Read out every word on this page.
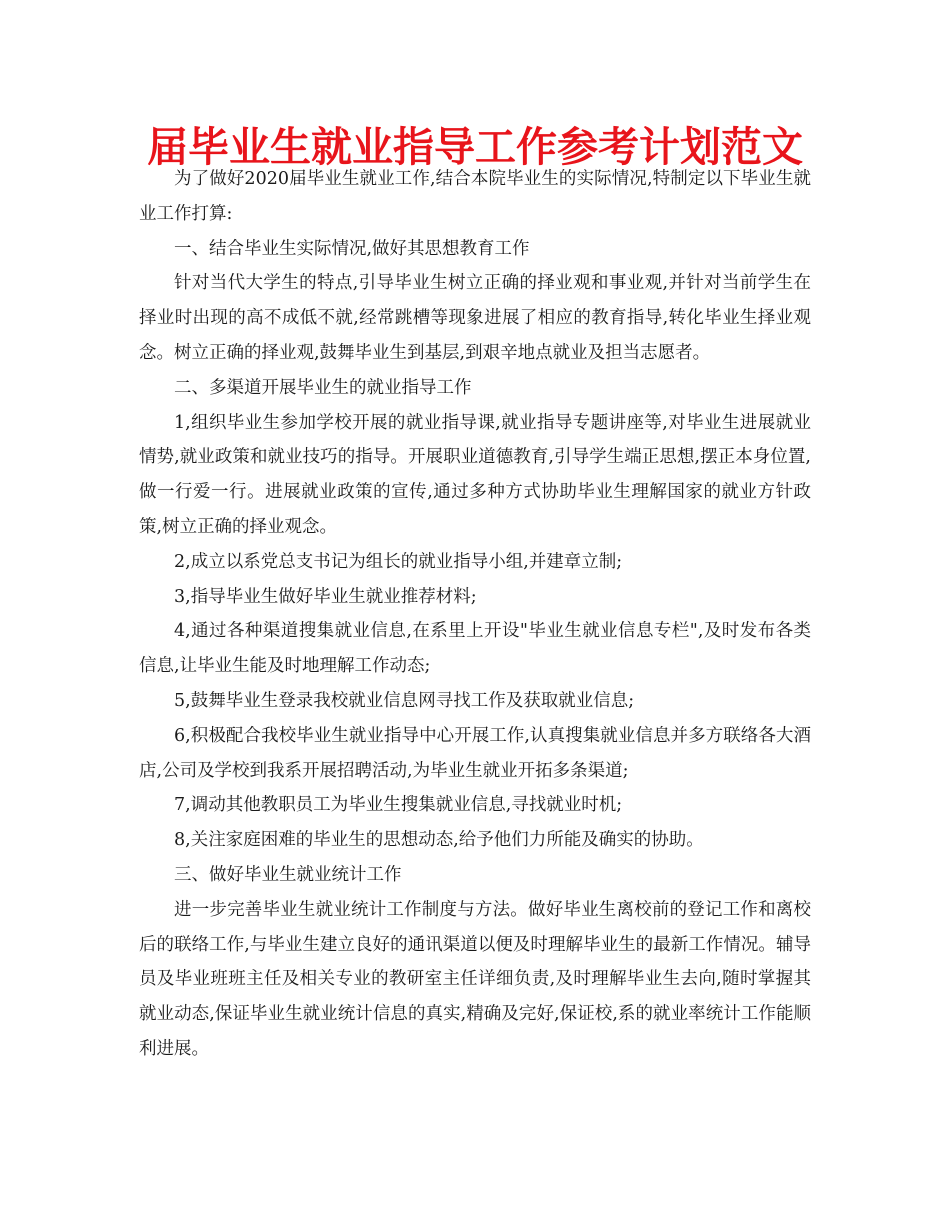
届毕业生就业指导工作参考计划范文

为了做好2020届毕业生就业工作,结合本院毕业生的实际情况,特制定以下毕业生就业工作打算:

一、结合毕业生实际情况,做好其思想教育工作

针对当代大学生的特点,引导毕业生树立正确的择业观和事业观,并针对当前学生在择业时出现的高不成低不就,经常跳槽等现象进展了相应的教育指导,转化毕业生择业观念。树立正确的择业观,鼓舞毕业生到基层,到艰辛地点就业及担当志愿者。

二、多渠道开展毕业生的就业指导工作

1,组织毕业生参加学校开展的就业指导课,就业指导专题讲座等,对毕业生进展就业情势,就业政策和就业技巧的指导。开展职业道德教育,引导学生端正思想,摆正本身位置,做一行爱一行。进展就业政策的宣传,通过多种方式协助毕业生理解国家的就业方针政策,树立正确的择业观念。

2,成立以系党总支书记为组长的就业指导小组,并建章立制;

3,指导毕业生做好毕业生就业推荐材料;

4,通过各种渠道搜集就业信息,在系里上开设"毕业生就业信息专栏",及时发布各类信息,让毕业生能及时地理解工作动态;

5,鼓舞毕业生登录我校就业信息网寻找工作及获取就业信息;

6,积极配合我校毕业生就业指导中心开展工作,认真搜集就业信息并多方联络各大酒店,公司及学校到我系开展招聘活动,为毕业生就业开拓多条渠道;

7,调动其他教职员工为毕业生搜集就业信息,寻找就业时机;

8,关注家庭困难的毕业生的思想动态,给予他们力所能及确实的协助。

三、做好毕业生就业统计工作

进一步完善毕业生就业统计工作制度与方法。做好毕业生离校前的登记工作和离校后的联络工作,与毕业生建立良好的通讯渠道以便及时理解毕业生的最新工作情况。辅导员及毕业班班主任及相关专业的教研室主任详细负责,及时理解毕业生去向,随时掌握其就业动态,保证毕业生就业统计信息的真实,精确及完好,保证校,系的就业率统计工作能顺利进展。
